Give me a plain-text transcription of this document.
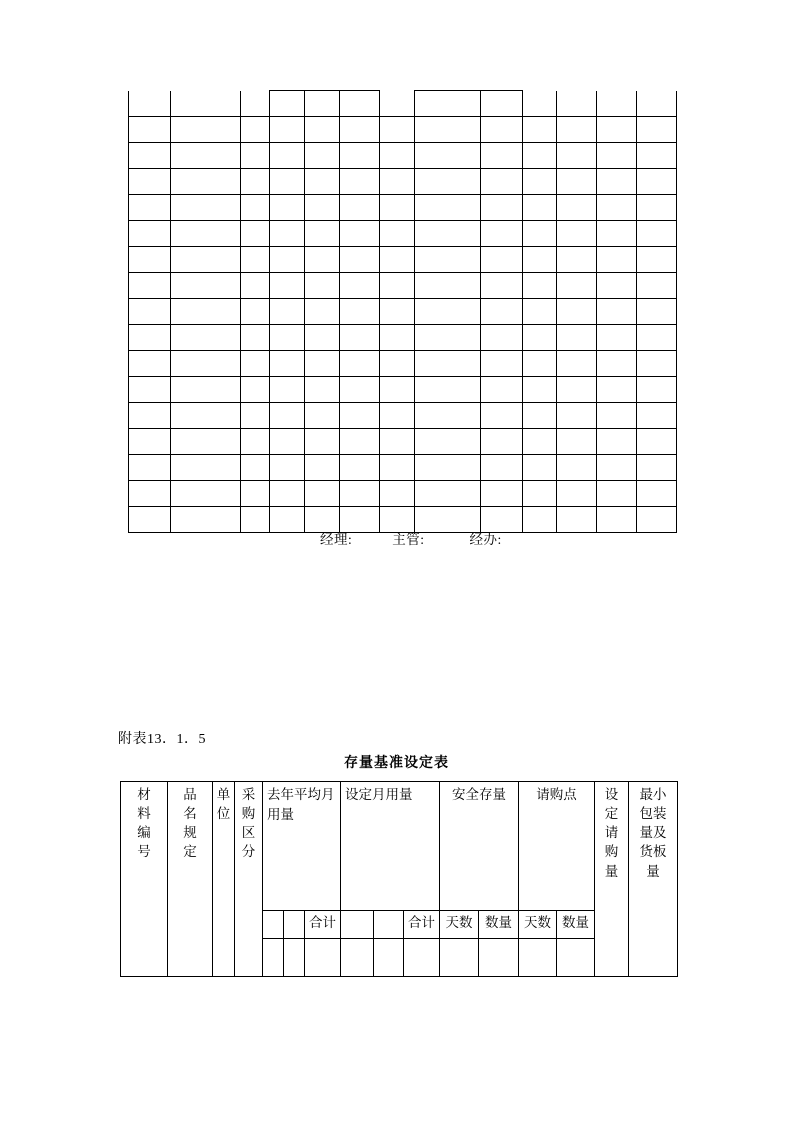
经理:	主管:	经办:
附表13．1．5
存量基准设定表
材料编号	品名规定	单位	采购区分	去年平均月用量			设定月用量			安全存量		请购点		设定请购量	最小包装量及货板量

						合计			合计	天数	数量	天数	数量		
